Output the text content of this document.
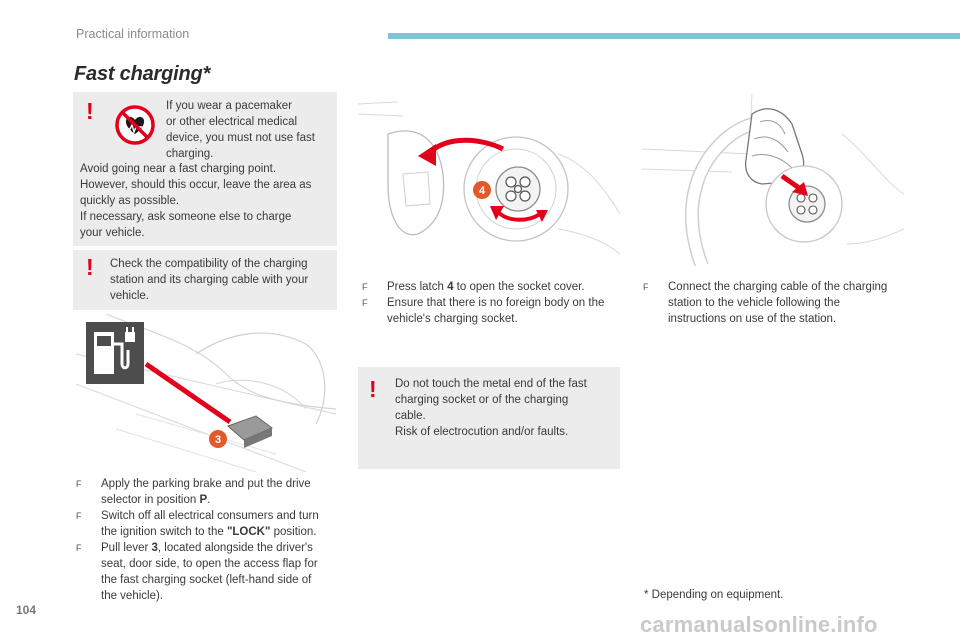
Practical information
Fast charging*
!	If you wear a pacemaker
or other electrical medical
device, you must not use fast
charging.
Avoid going near a fast charging point.
However, should this occur, leave the area as
quickly as possible.
If necessary, ask someone else to charge
your vehicle.
! Check the compatibility of the charging
station and its charging cable with your
vehicle.
3
F Apply the parking brake and put the drive
selector in position P.
F Switch off all electrical consumers and turn
the ignition switch to the "LOCK" position.
F Pull lever 3, located alongside the driver's
seat, door side, to open the access flap for
the fast charging socket (left-hand side of
the vehicle).
4
F Press latch 4 to open the socket cover.
F Ensure that there is no foreign body on the
vehicle's charging socket.
! Do not touch the metal end of the fast
charging socket or of the charging
cable.
Risk of electrocution and/or faults.
F Connect the charging cable of the charging
station to the vehicle following the
instructions on use of the station.
* Depending on equipment.
104
carmanualsonline.info
